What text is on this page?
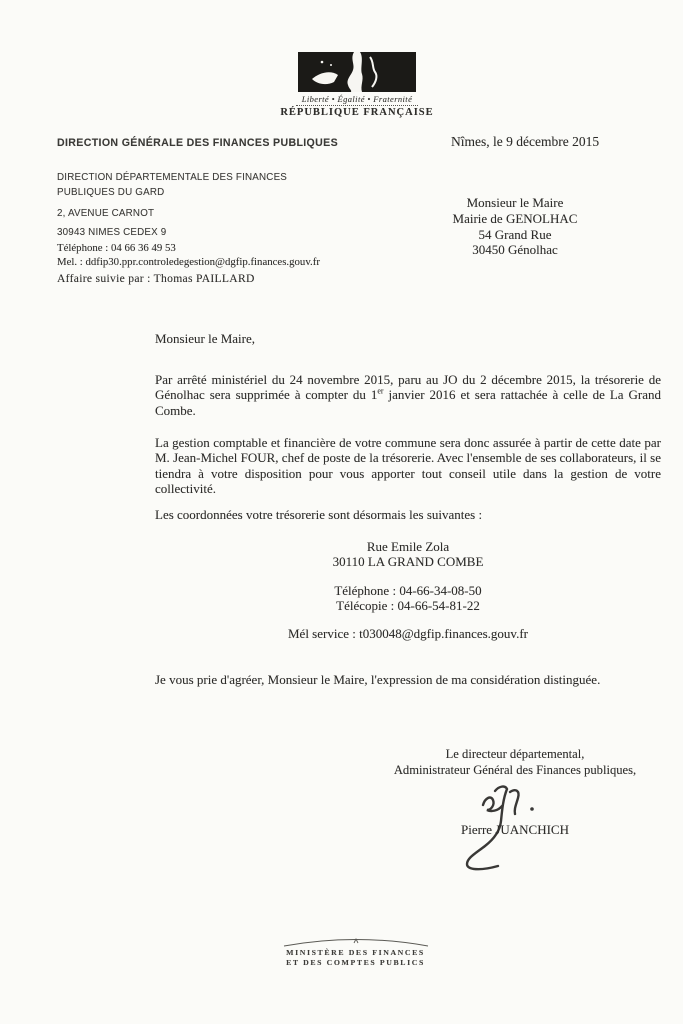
Liberté • Égalité • Fraternité
RÉPUBLIQUE FRANÇAISE
DIRECTION GÉNÉRALE DES FINANCES PUBLIQUES	Nîmes, le 9 décembre 2015
DIRECTION DÉPARTEMENTALE DES FINANCES
PUBLIQUES DU GARD
2, AVENUE CARNOT
30943 NIMES CEDEX 9
Téléphone : 04 66 36 49 53
Mel. : ddfip30.ppr.controledegestion@dgfip.finances.gouv.fr
Affaire suivie par : Thomas PAILLARD
Monsieur le Maire
Mairie de GENOLHAC
54 Grand Rue
30450 Génolhac
Monsieur le Maire,
Par arrêté ministériel du 24 novembre 2015, paru au JO du 2 décembre 2015, la trésorerie de Génolhac sera supprimée à compter du 1er janvier 2016 et sera rattachée à celle de La Grand Combe.
La gestion comptable et financière de votre commune sera donc assurée à partir de cette date par M. Jean-Michel FOUR, chef de poste de la trésorerie. Avec l'ensemble de ses collaborateurs, il se tiendra à votre disposition pour vous apporter tout conseil utile dans la gestion de votre collectivité.
Les coordonnées votre trésorerie sont désormais les suivantes :
Rue Emile Zola
30110 LA GRAND COMBE
Téléphone : 04-66-34-08-50
Télécopie : 04-66-54-81-22
Mél service : t030048@dgfip.finances.gouv.fr
Je vous prie d'agréer, Monsieur le Maire, l'expression de ma considération distinguée.
Le directeur départemental,
Administrateur Général des Finances publiques,
Pierre JUANCHICH
MINISTÈRE DES FINANCES
ET DES COMPTES PUBLICS
